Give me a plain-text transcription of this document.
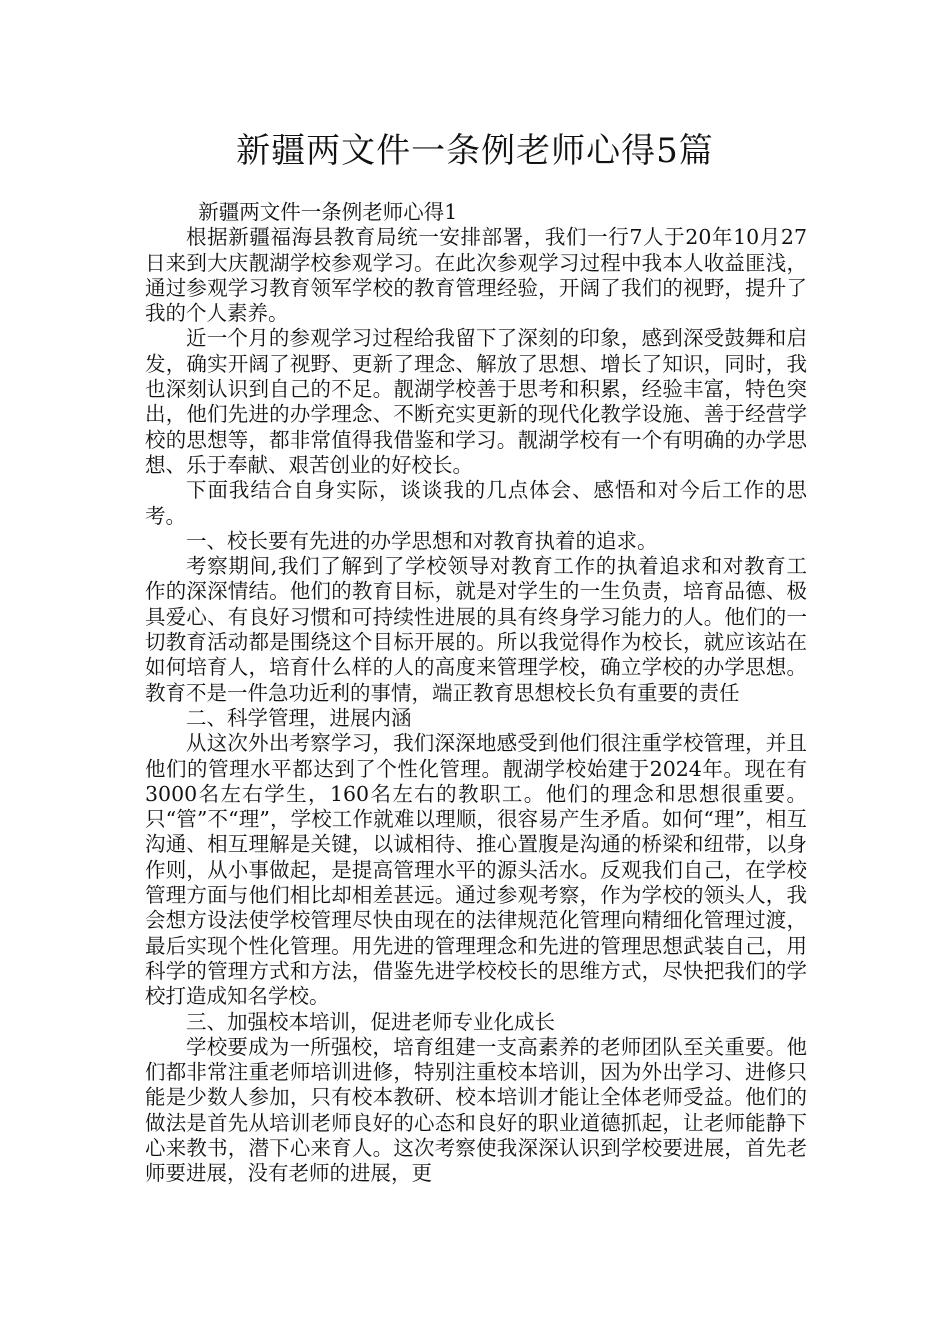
新疆两文件一条例老师心得5篇

新疆两文件一条例老师心得1

根据新疆福海县教育局统一安排部署，我们一行7人于20年10月27日来到大庆靓湖学校参观学习。在此次参观学习过程中我本人收益匪浅，通过参观学习教育领军学校的教育管理经验，开阔了我们的视野，提升了我的个人素养。

近一个月的参观学习过程给我留下了深刻的印象，感到深受鼓舞和启发，确实开阔了视野、更新了理念、解放了思想、增长了知识，同时，我也深刻认识到自己的不足。靓湖学校善于思考和积累，经验丰富，特色突出，他们先进的办学理念、不断充实更新的现代化教学设施、善于经营学校的思想等，都非常值得我借鉴和学习。靓湖学校有一个有明确的办学思想、乐于奉献、艰苦创业的好校长。

下面我结合自身实际，谈谈我的几点体会、感悟和对今后工作的思考。

一、校长要有先进的办学思想和对教育执着的追求。

考察期间,我们了解到了学校领导对教育工作的执着追求和对教育工作的深深情结。他们的教育目标，就是对学生的一生负责，培育品德、极具爱心、有良好习惯和可持续性进展的具有终身学习能力的人。他们的一切教育活动都是围绕这个目标开展的。所以我觉得作为校长，就应该站在如何培育人，培育什么样的人的高度来管理学校，确立学校的办学思想。教育不是一件急功近利的事情，端正教育思想校长负有重要的责任

二、科学管理，进展内涵

从这次外出考察学习，我们深深地感受到他们很注重学校管理，并且他们的管理水平都达到了个性化管理。靓湖学校始建于2024年。现在有3000名左右学生，160名左右的教职工。他们的理念和思想很重要。只“管”不“理”，学校工作就难以理顺，很容易产生矛盾。如何“理”，相互沟通、相互理解是关键，以诚相待、推心置腹是沟通的桥梁和纽带，以身作则，从小事做起，是提高管理水平的源头活水。反观我们自己，在学校管理方面与他们相比却相差甚远。通过参观考察，作为学校的领头人，我会想方设法使学校管理尽快由现在的法律规范化管理向精细化管理过渡，最后实现个性化管理。用先进的管理理念和先进的管理思想武装自己，用科学的管理方式和方法，借鉴先进学校校长的思维方式，尽快把我们的学校打造成知名学校。

三、加强校本培训，促进老师专业化成长

学校要成为一所强校，培育组建一支高素养的老师团队至关重要。他们都非常注重老师培训进修，特别注重校本培训，因为外出学习、进修只能是少数人参加，只有校本教研、校本培训才能让全体老师受益。他们的做法是首先从培训老师良好的心态和良好的职业道德抓起，让老师能静下心来教书，潜下心来育人。这次考察使我深深认识到学校要进展，首先老师要进展，没有老师的进展，更
